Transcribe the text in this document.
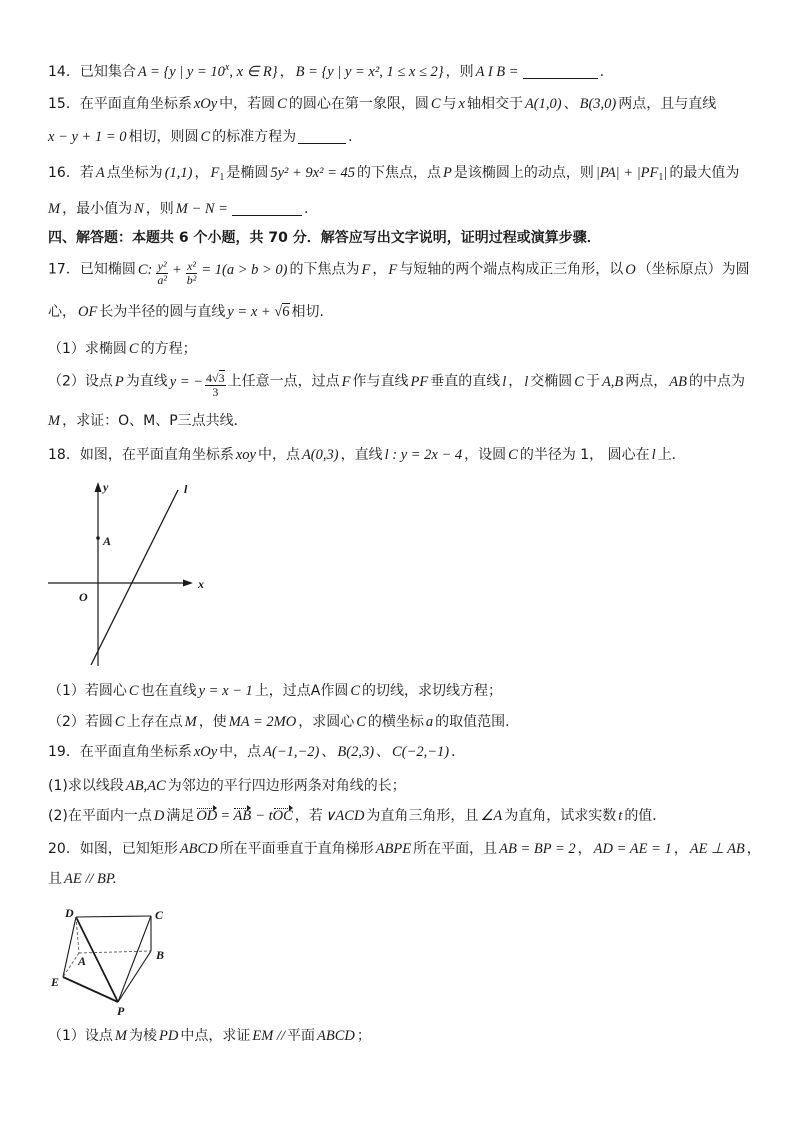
14． 已知集合 A = {y | $y = 10^x$, x ∈ R} ， B = {y | y = x², 1 ≤ x ≤ 2} ，则 A I B =	.
15．在平面直角坐标系 xOy 中，若圆 C 的圆心在第一象限，圆 C 与 x 轴相交于 A(1,0) 、 B(3,0) 两点，且与直线
x − y + 1 = 0 相切，则圆 C 的标准方程为	.
16．若 A 点坐标为 (1,1) ， $F_1$ 是椭圆 5y² + 9x² = 45 的下焦点，点 P 是该椭圆上的动点，则 $|PA| + |PF_1|$ 的最大值为
M ，最小值为 N ，则 M − N =	.
四、解答题：本题共 6 个小题，共 70 分．解答应写出文字说明，证明过程或演算步骤．
17．已知椭圆 C: $\frac{\text{y²}}{\text{a²}} + \frac{\text{x²}}{\text{b²}} = 1(a > b > 0)$ 的下焦点为 F ， F 与短轴的两个端点构成正三角形，以 O （坐标原点）为圆
心， OF 长为半径的圆与直线 y = x + √6 相切.
（1）求椭圆 C 的方程；
（2）设点 P 为直线 y = − $\frac{4√3}{3}$ 上任意一点，过点 F 作与直线 PF 垂直的直线 l ， l 交椭圆 C 于 A,B 两点， AB 的中点为
M ，求证：O、M、P三点共线．
18．如图，在平面直角坐标系 xoy 中，点 A(0,3) ，直线 l : y = 2x − 4 ，设圆 C 的半径为 1， 圆心在 l 上.
y
x
O
A
l
（1）若圆心 C 也在直线 y = x − 1 上，过点A作圆 C 的切线，求切线方程；
（2）若圆 C 上存在点 M ，使 MA = 2MO ，求圆心 C 的横坐标 a 的取值范围.
19．在平面直角坐标系 xOy 中，点 A(−1,−2) 、 B(2,3) 、 C(−2,−1) ．
(1)求以线段 AB,AC 为邻边的平行四边形两条对角线的长；
(2)在平面内一点 D 满足 OD = AB − t OC ，若 ∨ACD 为直角三角形，且 ∠A 为直角，试求实数 t 的值．
20．如图，已知矩形 ABCD 所在平面垂直于直角梯形 ABPE 所在平面，且 AB = BP = 2 ， AD = AE = 1 ， AE ⊥ AB ，
且 AE // BP.
D	C
A	B
E
P
（1）设点 M 为棱 PD 中点，求证 EM // 平面 ABCD ；
